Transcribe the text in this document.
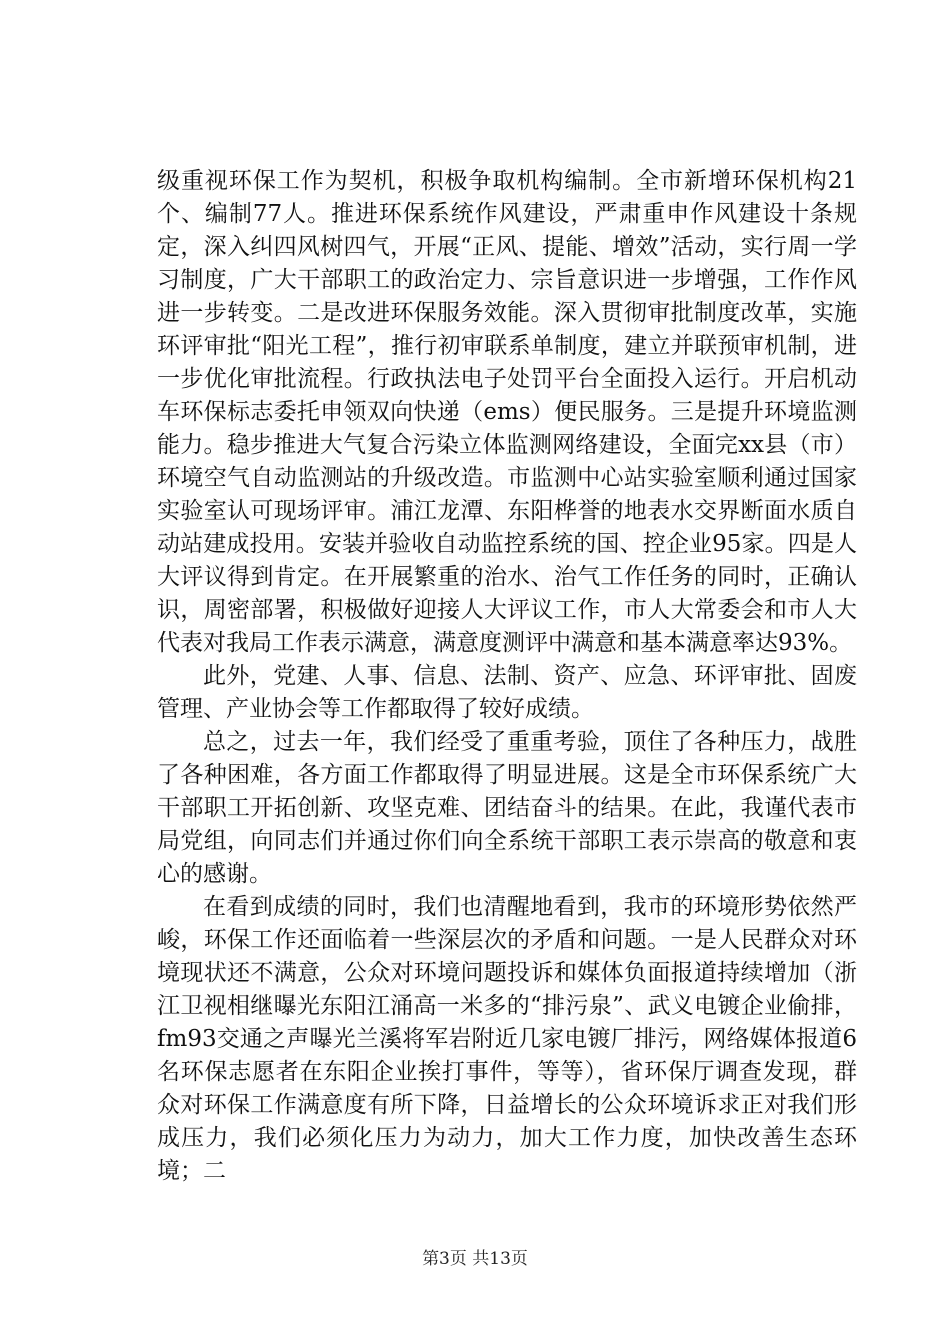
级重视环保工作为契机，积极争取机构编制。全市新增环保机构21个、编制77人。推进环保系统作风建设，严肃重申作风建设十条规定，深入纠四风树四气，开展“正风、提能、增效”活动，实行周一学习制度，广大干部职工的政治定力、宗旨意识进一步增强，工作作风进一步转变。二是改进环保服务效能。深入贯彻审批制度改革，实施环评审批“阳光工程”，推行初审联系单制度，建立并联预审机制，进一步优化审批流程。行政执法电子处罚平台全面投入运行。开启机动车环保标志委托申领双向快递（ems）便民服务。三是提升环境监测能力。稳步推进大气复合污染立体监测网络建设，全面完xx县（市）环境空气自动监测站的升级改造。市监测中心站实验室顺利通过国家实验室认可现场评审。浦江龙潭、东阳桦誉的地表水交界断面水质自动站建成投用。安装并验收自动监控系统的国、控企业95家。四是人大评议得到肯定。在开展繁重的治水、治气工作任务的同时，正确认识，周密部署，积极做好迎接人大评议工作，市人大常委会和市人大代表对我局工作表示满意，满意度测评中满意和基本满意率达93%。

此外，党建、人事、信息、法制、资产、应急、环评审批、固废管理、产业协会等工作都取得了较好成绩。

总之，过去一年，我们经受了重重考验，顶住了各种压力，战胜了各种困难，各方面工作都取得了明显进展。这是全市环保系统广大干部职工开拓创新、攻坚克难、团结奋斗的结果。在此，我谨代表市局党组，向同志们并通过你们向全系统干部职工表示崇高的敬意和衷心的感谢。

在看到成绩的同时，我们也清醒地看到，我市的环境形势依然严峻，环保工作还面临着一些深层次的矛盾和问题。一是人民群众对环境现状还不满意，公众对环境问题投诉和媒体负面报道持续增加（浙江卫视相继曝光东阳江涌高一米多的“排污泉”、武义电镀企业偷排，fm93交通之声曝光兰溪将军岩附近几家电镀厂排污，网络媒体报道6名环保志愿者在东阳企业挨打事件，等等），省环保厅调查发现，群众对环保工作满意度有所下降，日益增长的公众环境诉求正对我们形成压力，我们必须化压力为动力，加大工作力度，加快改善生态环境；二

第3页 共13页
